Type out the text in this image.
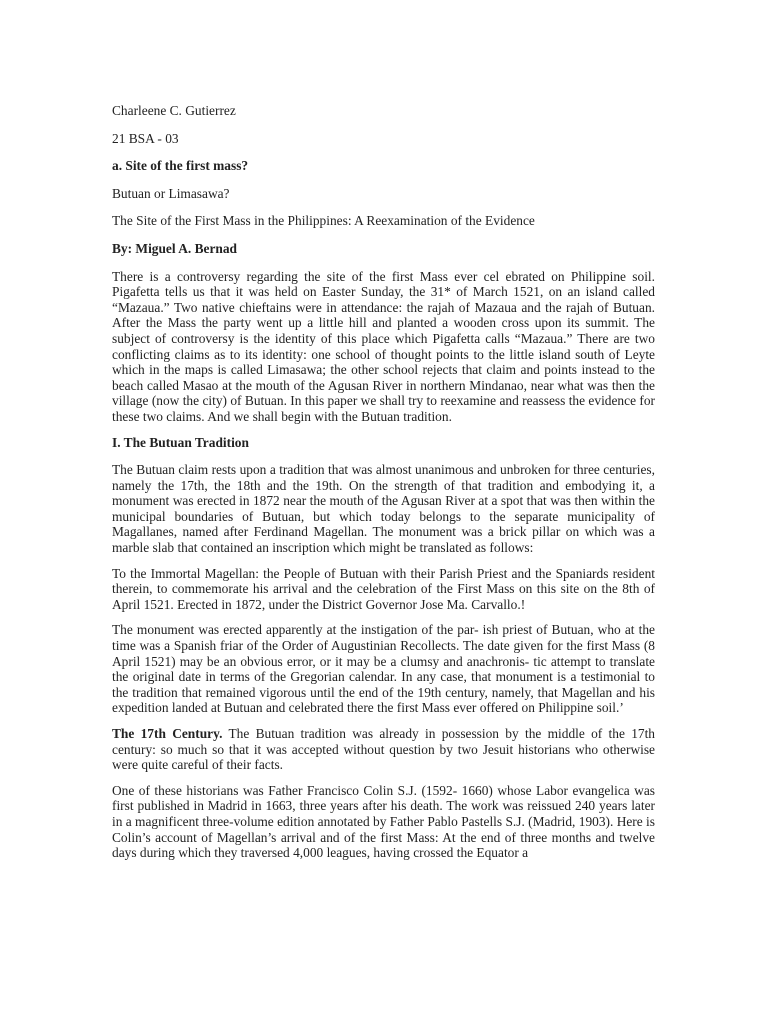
Charleene C. Gutierrez
21 BSA - 03
a. Site of the first mass?
Butuan or Limasawa?
The Site of the First Mass in the Philippines: A Reexamination of the Evidence
By: Miguel A. Bernad
There is a controversy regarding the site of the first Mass ever cel ebrated on Philippine soil. Pigafetta tells us that it was held on Easter Sunday, the 31* of March 1521, on an island called “Mazaua.” Two native chieftains were in attendance: the rajah of Mazaua and the rajah of Butuan. After the Mass the party went up a little hill and planted a wooden cross upon its summit. The subject of controversy is the identity of this place which Pigafetta calls “Mazaua.” There are two conflicting claims as to its identity: one school of thought points to the little island south of Leyte which in the maps is called Limasawa; the other school rejects that claim and points instead to the beach called Masao at the mouth of the Agusan River in northern Mindanao, near what was then the village (now the city) of Butuan. In this paper we shall try to reexamine and reassess the evidence for these two claims. And we shall begin with the Butuan tradition.
I. The Butuan Tradition
The Butuan claim rests upon a tradition that was almost unanimous and unbroken for three centuries, namely the 17th, the 18th and the 19th. On the strength of that tradition and embodying it, a monument was erected in 1872 near the mouth of the Agusan River at a spot that was then within the municipal boundaries of Butuan, but which today belongs to the separate municipality of Magallanes, named after Ferdinand Magellan. The monument was a brick pillar on which was a marble slab that contained an inscription which might be translated as follows:
To the Immortal Magellan: the People of Butuan with their Parish Priest and the Spaniards resident therein, to commemorate his arrival and the celebration of the First Mass on this site on the 8th of April 1521. Erected in 1872, under the District Governor Jose Ma. Carvallo.!
The monument was erected apparently at the instigation of the par- ish priest of Butuan, who at the time was a Spanish friar of the Order of Augustinian Recollects. The date given for the first Mass (8 April 1521) may be an obvious error, or it may be a clumsy and anachronis- tic attempt to translate the original date in terms of the Gregorian calendar. In any case, that monument is a testimonial to the tradition that remained vigorous until the end of the 19th century, namely, that Magellan and his expedition landed at Butuan and celebrated there the first Mass ever offered on Philippine soil.’
The 17th Century. The Butuan tradition was already in possession by the middle of the 17th century: so much so that it was accepted without question by two Jesuit historians who otherwise were quite careful of their facts.
One of these historians was Father Francisco Colin S.J. (1592- 1660) whose Labor evangelica was first published in Madrid in 1663, three years after his death. The work was reissued 240 years later in a magnificent three-volume edition annotated by Father Pablo Pastells S.J. (Madrid, 1903). Here is Colin’s account of Magellan’s arrival and of the first Mass: At the end of three months and twelve days during which they traversed 4,000 leagues, having crossed the Equator a
